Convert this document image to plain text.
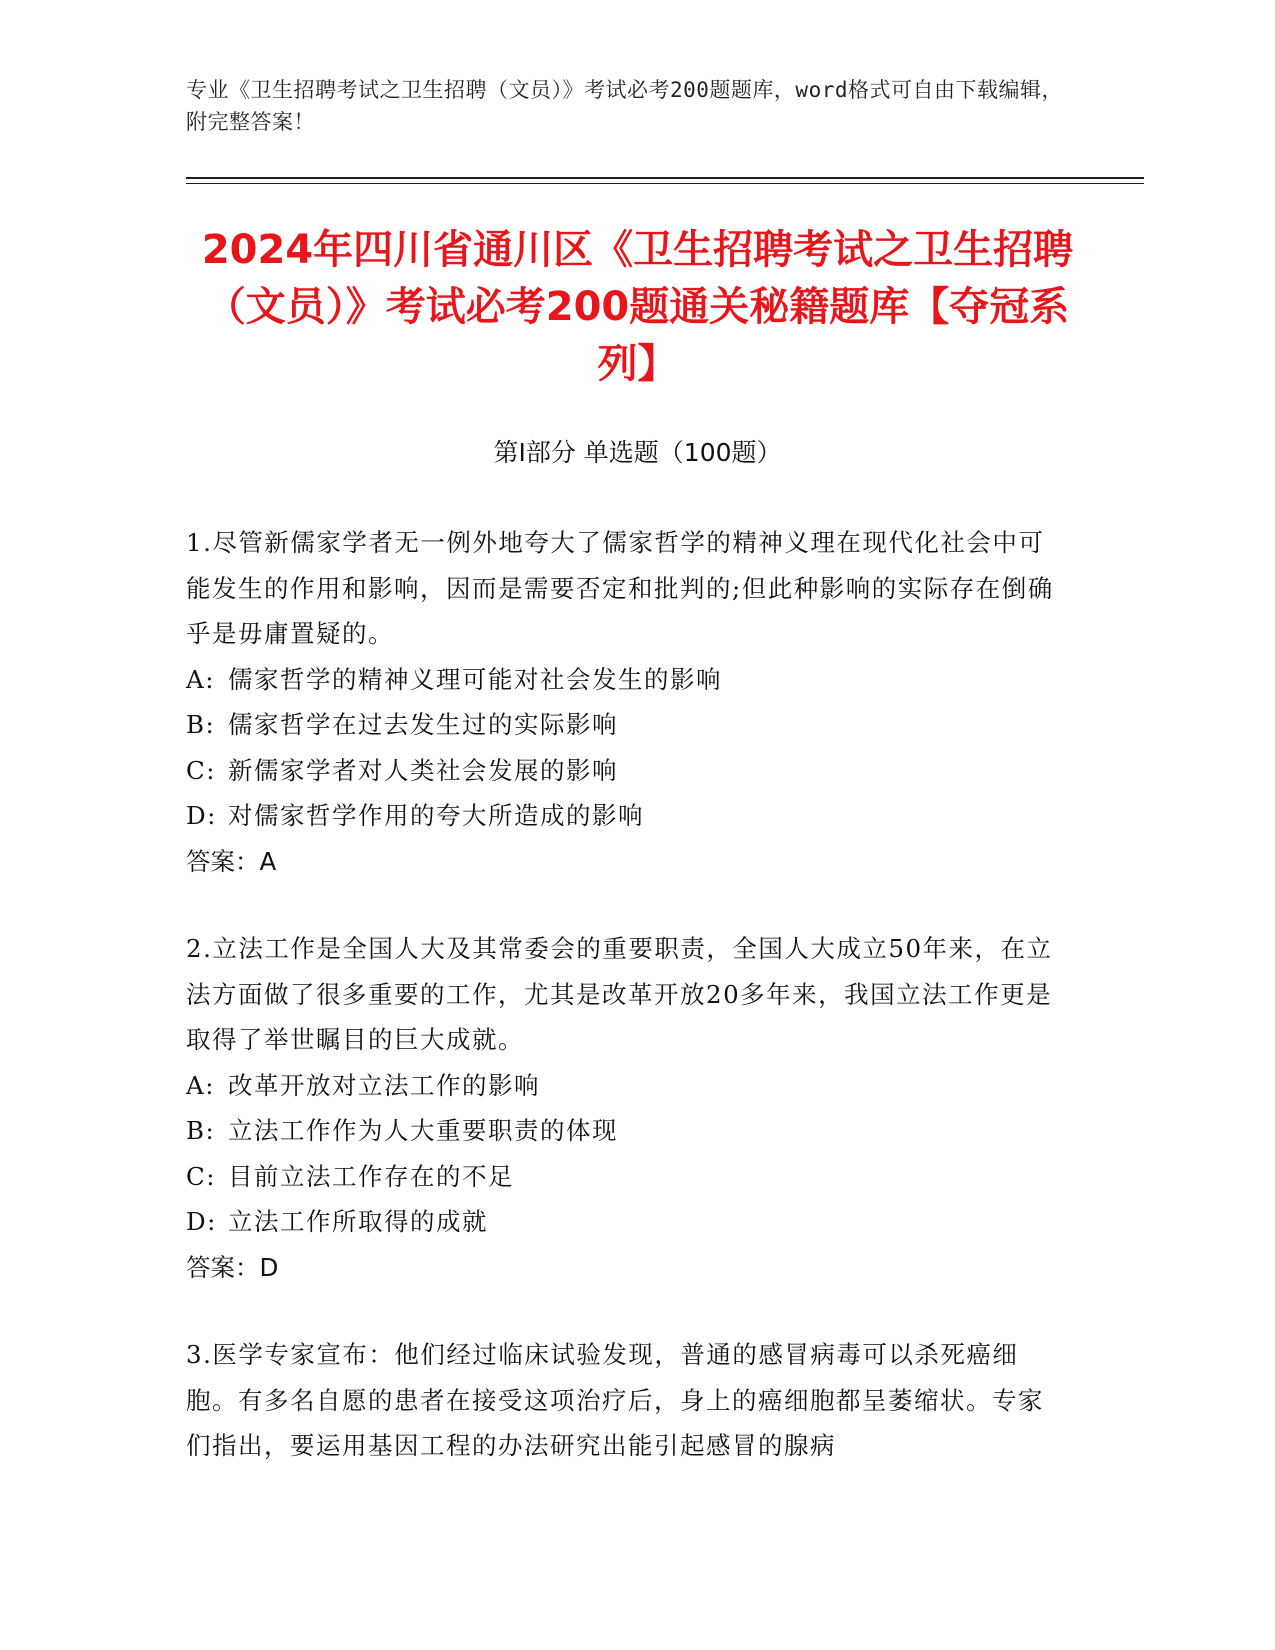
专业《卫生招聘考试之卫生招聘（文员）》考试必考200题题库，word格式可自由下载编辑，附完整答案！
2024年四川省通川区《卫生招聘考试之卫生招聘（文员）》考试必考200题通关秘籍题库【夺冠系列】
第Ⅰ部分 单选题（100题）

1.尽管新儒家学者无一例外地夸大了儒家哲学的精神义理在现代化社会中可能发生的作用和影响，因而是需要否定和批判的;但此种影响的实际存在倒确乎是毋庸置疑的。

A: 儒家哲学的精神义理可能对社会发生的影响

B: 儒家哲学在过去发生过的实际影响

C: 新儒家学者对人类社会发展的影响

D: 对儒家哲学作用的夸大所造成的影响

答案：A

2.立法工作是全国人大及其常委会的重要职责，全国人大成立50年来，在立法方面做了很多重要的工作，尤其是改革开放20多年来，我国立法工作更是取得了举世瞩目的巨大成就。

A: 改革开放对立法工作的影响

B: 立法工作作为人大重要职责的体现

C: 目前立法工作存在的不足

D: 立法工作所取得的成就

答案：D

3.医学专家宣布：他们经过临床试验发现，普通的感冒病毒可以杀死癌细胞。有多名自愿的患者在接受这项治疗后，身上的癌细胞都呈萎缩状。专家们指出，要运用基因工程的办法研究出能引起感冒的腺病
